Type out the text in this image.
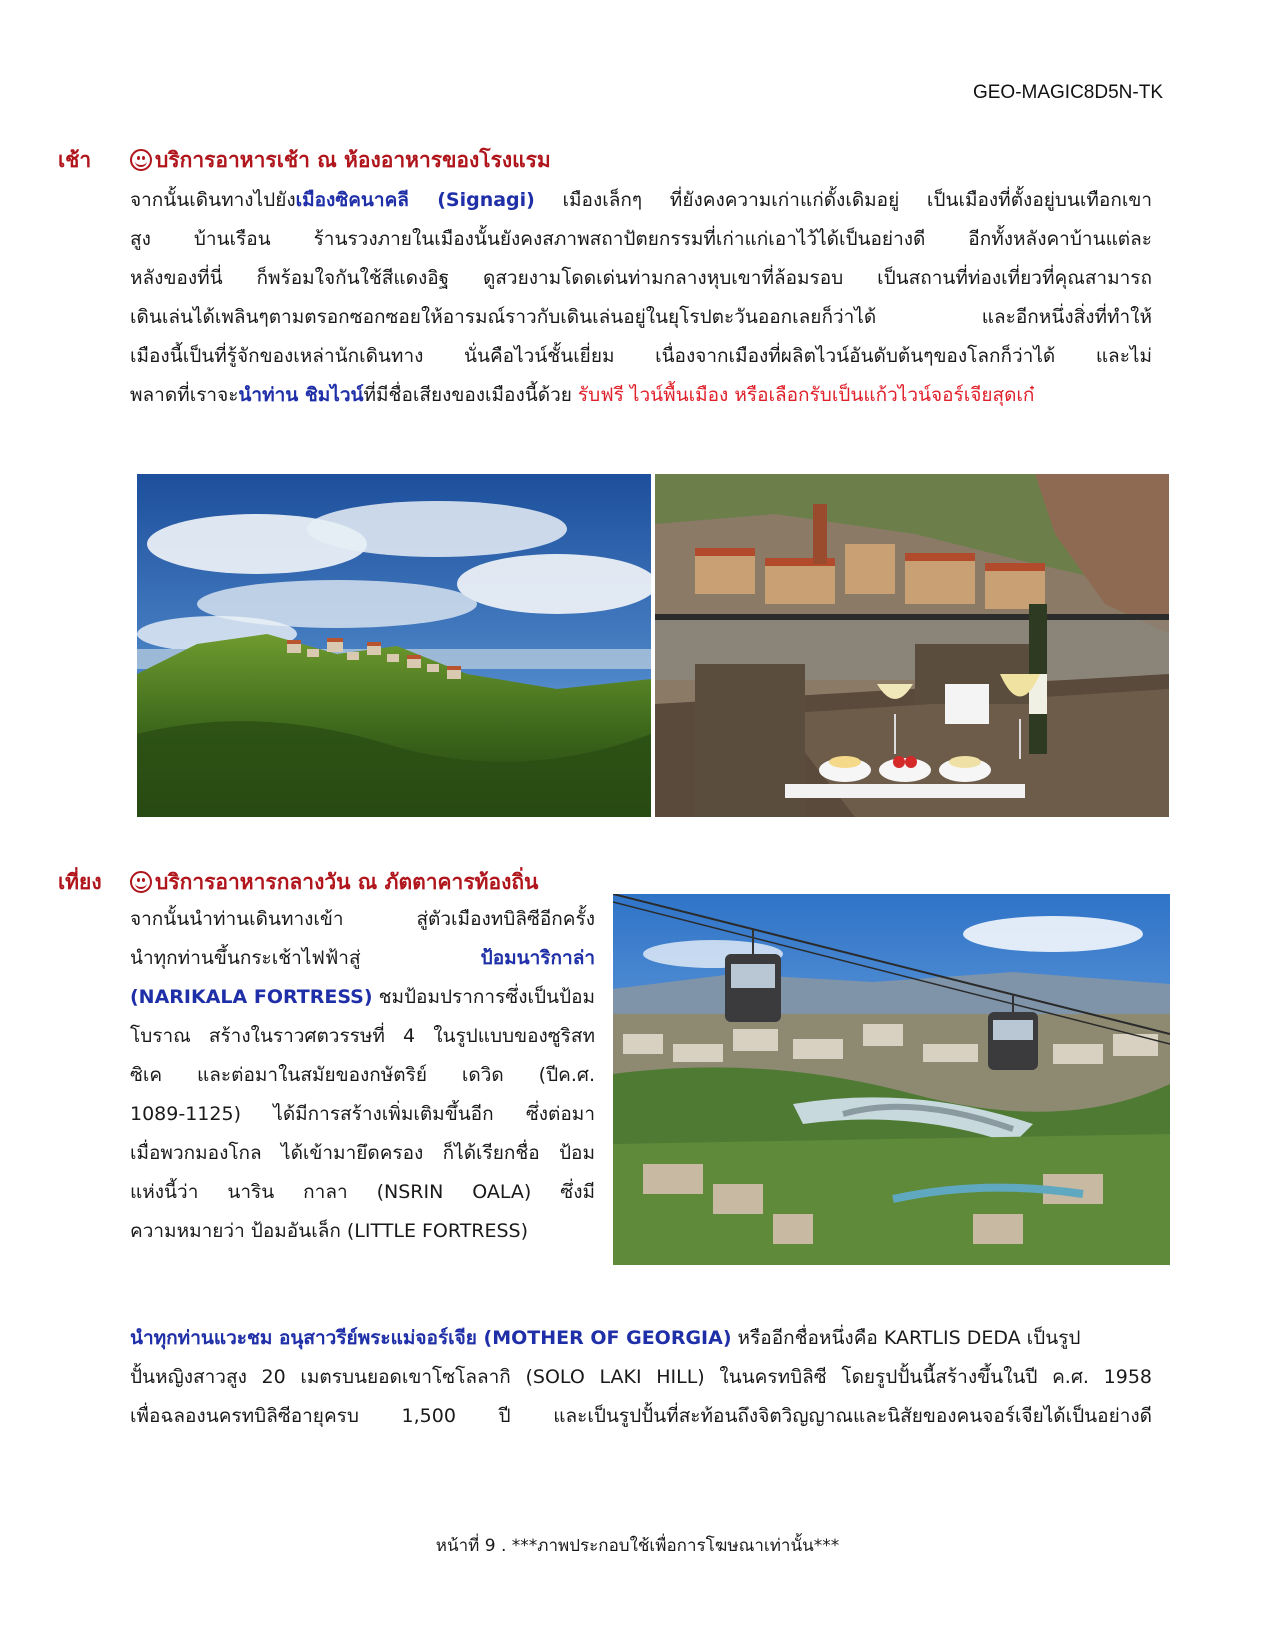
GEO-MAGIC8D5N-TK
เช้า	บริการอาหารเช้า ณ ห้องอาหารของโรงแรม

จากนั้นเดินทางไปยังเมืองซิคนาคลี (Signagi) เมืองเล็กๆ ที่ยังคงความเก่าแก่ดั้งเดิมอยู่ เป็นเมืองที่ตั้งอยู่บนเทือกเขา

สูง บ้านเรือน ร้านรวงภายในเมืองนั้นยังคงสภาพสถาปัตยกรรมที่เก่าแก่เอาไว้ได้เป็นอย่างดี อีกทั้งหลังคาบ้านแต่ละ

หลังของที่นี่ ก็พร้อมใจกันใช้สีแดงอิฐ ดูสวยงามโดดเด่นท่ามกลางหุบเขาที่ล้อมรอบ เป็นสถานที่ท่องเที่ยวที่คุณสามารถ

เดินเล่นได้เพลินๆตามตรอกซอกซอยให้อารมณ์ราวกับเดินเล่นอยู่ในยุโรปตะวันออกเลยก็ว่าได้ และอีกหนึ่งสิ่งที่ทำให้

เมืองนี้เป็นที่รู้จักของเหล่านักเดินทาง นั่นคือไวน์ชั้นเยี่ยม เนื่องจากเมืองที่ผลิตไวน์อันดับต้นๆของโลกก็ว่าได้ และไม่

พลาดที่เราจะนำท่าน ชิมไวน์ที่มีชื่อเสียงของเมืองนี้ด้วย รับฟรี ไวน์พื้นเมือง หรือเลือกรับเป็นแก้วไวน์จอร์เจียสุดเก๋

เที่ยง	บริการอาหารกลางวัน ณ ภัตตาคารท้องถิ่น

จากนั้นนำท่านเดินทางเข้า สู่ตัวเมืองทบิลิซีอีกครั้ง

นำทุกท่านขึ้นกระเช้าไฟฟ้าสู่	ป้อมนาริกาล่า

(NARIKALA FORTRESS) ชมป้อมปราการซึ่งเป็นป้อม

โบราณ สร้างในราวศตวรรษที่ 4 ในรูปแบบของซูริสท

ซิเค และต่อมาในสมัยของกษัตริย์ เดวิด (ปีค.ศ.

1089-1125) ได้มีการสร้างเพิ่มเติมขึ้นอีก ซึ่งต่อมา

เมื่อพวกมองโกล ได้เข้ามายึดครอง ก็ได้เรียกชื่อ ป้อม

แห่งนี้ว่า นาริน กาลา (NSRIN OALA) ซึ่งมี

ความหมายว่า ป้อมอันเล็ก (LITTLE FORTRESS)

นำทุกท่านแวะชม อนุสาวรีย์พระแม่จอร์เจีย (MOTHER OF GEORGIA) หรืออีกชื่อหนึ่งคือ KARTLIS DEDA เป็นรูป

ปั้นหญิงสาวสูง 20 เมตรบนยอดเขาโซโลลากิ (SOLO LAKI HILL) ในนครทบิลิซี โดยรูปปั้นนี้สร้างขึ้นในปี ค.ศ. 1958

เพื่อฉลองนครทบิลิซีอายุครบ 1,500 ปี และเป็นรูปปั้นที่สะท้อนถึงจิตวิญญาณและนิสัยของคนจอร์เจียได้เป็นอย่างดี

หน้าที่ 9 . ***ภาพประกอบใช้เพื่อการโฆษณาเท่านั้น***
